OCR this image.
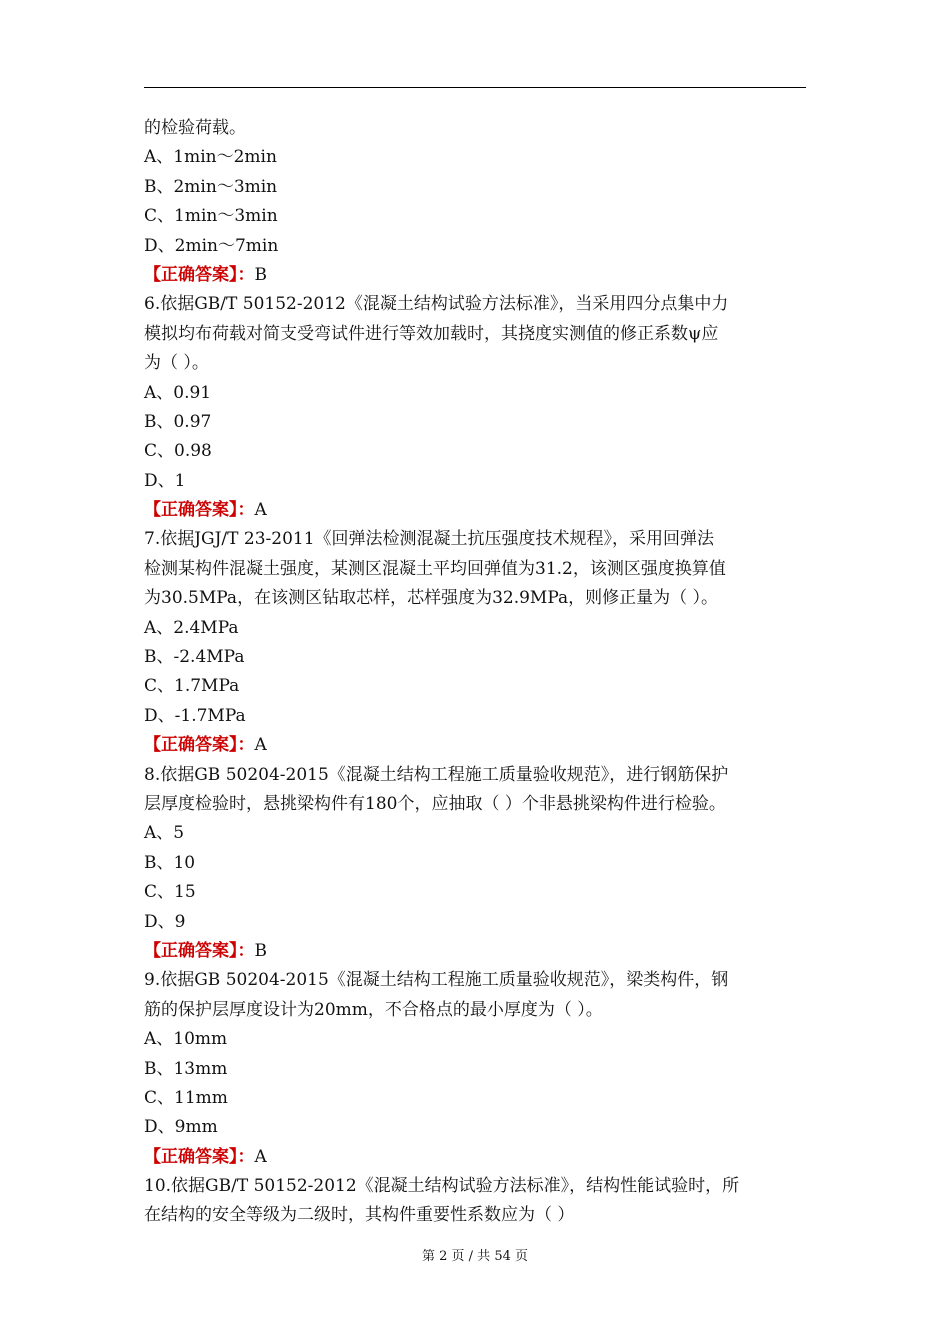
的检验荷载。
A、1min～2min
B、2min～3min
C、1min～3min
D、2min～7min
【正确答案】：B
6.依据GB/T 50152-2012《混凝土结构试验方法标准》，当采用四分点集中力
模拟均布荷载对简支受弯试件进行等效加载时，其挠度实测值的修正系数ψ应
为（ ）。
A、0.91
B、0.97
C、0.98
D、1
【正确答案】：A
7.依据JGJ/T 23-2011《回弹法检测混凝土抗压强度技术规程》，采用回弹法
检测某构件混凝土强度，某测区混凝土平均回弹值为31.2，该测区强度换算值
为30.5MPa，在该测区钻取芯样，芯样强度为32.9MPa，则修正量为（ ）。
A、2.4MPa
B、-2.4MPa
C、1.7MPa
D、-1.7MPa
【正确答案】：A
8.依据GB 50204-2015《混凝土结构工程施工质量验收规范》，进行钢筋保护
层厚度检验时，悬挑梁构件有180个，应抽取（ ）个非悬挑梁构件进行检验。
A、5
B、10
C、15
D、9
【正确答案】：B
9.依据GB 50204-2015《混凝土结构工程施工质量验收规范》，梁类构件，钢
筋的保护层厚度设计为20mm，不合格点的最小厚度为（ ）。
A、10mm
B、13mm
C、11mm
D、9mm
【正确答案】：A
10.依据GB/T 50152-2012《混凝土结构试验方法标准》，结构性能试验时，所
在结构的安全等级为二级时，其构件重要性系数应为（ ）
第 2 页 / 共 54 页
